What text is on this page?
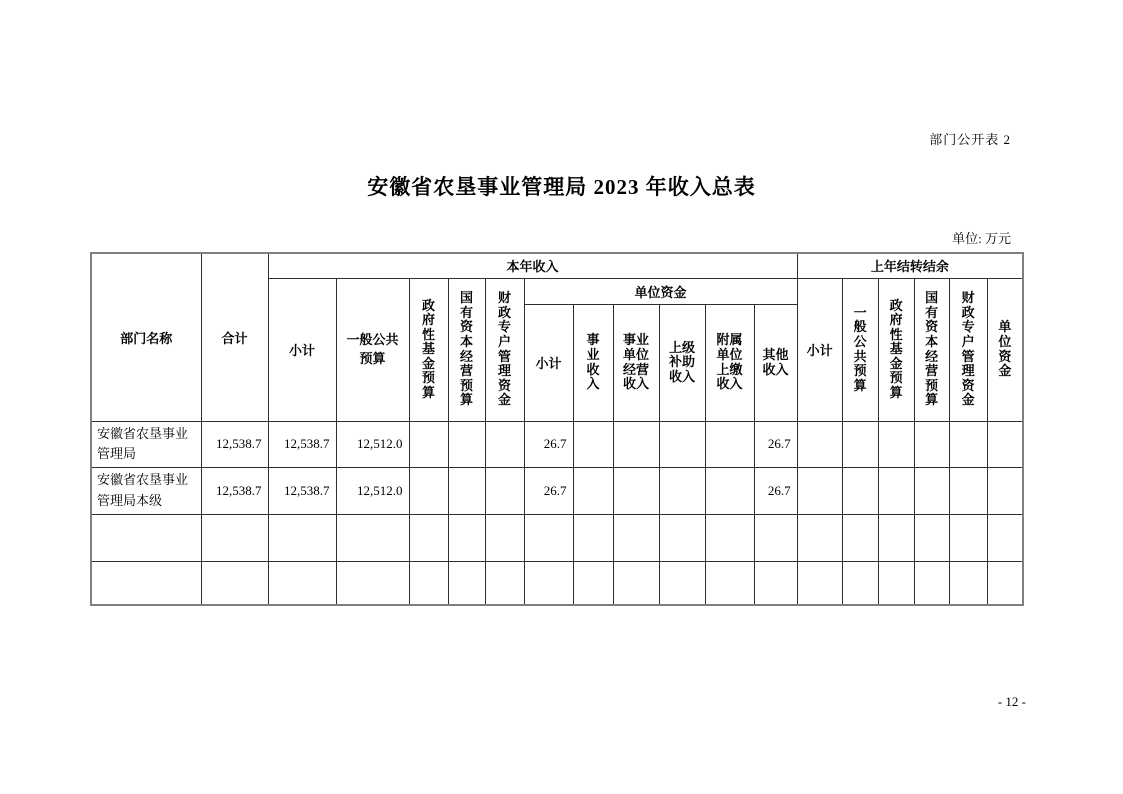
部门公开表 2
安徽省农垦事业管理局 2023 年收入总表
单位: 万元
部门名称	合计	本年收入											上年结转结余					
		小计	一般公共预算	政府性基金预算	国有资本经营预算	财政专户管理资金	单位资金						小计	一般公共预算	政府性基金预算	国有资本经营预算	财政专户管理资金	单位资金

							小计	事业收入	事业单位经营收入	上级补助收入	附属单位上缴收入	其他收入						

安徽省农垦事业管理局	12,538.7	12,538.7	12,512.0				26.7					26.7						
安徽省农垦事业管理局本级	12,538.7	12,538.7	12,512.0				26.7					26.7						

- 12 -
